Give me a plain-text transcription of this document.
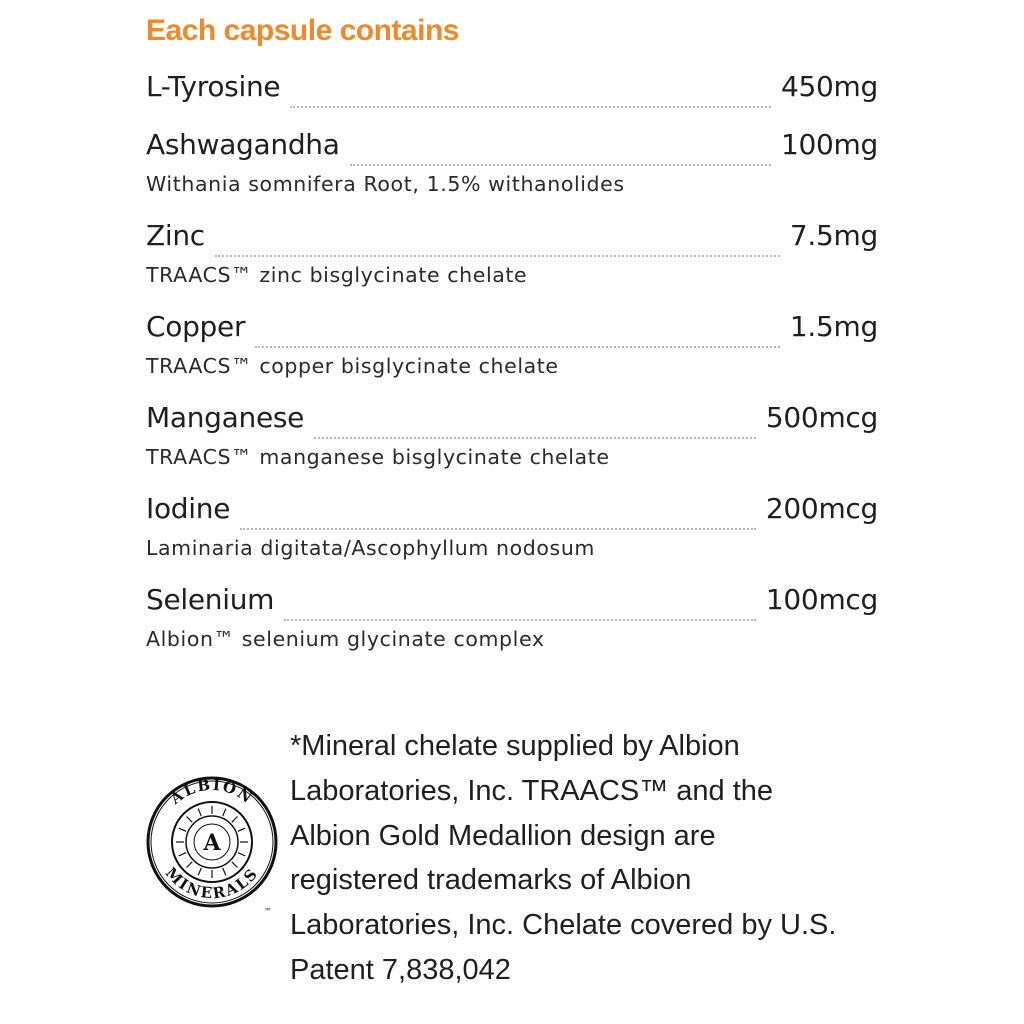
Each capsule contains
L-Tyrosine	450mg
Ashwagandha	100mg
Withania somnifera Root, 1.5% withanolides
Zinc	7.5mg
TRAACS™ zinc bisglycinate chelate
Copper	1.5mg
TRAACS™ copper bisglycinate chelate
Manganese	500mcg
TRAACS™ manganese bisglycinate chelate
Iodine	200mcg
Laminaria digitata/Ascophyllum nodosum
Selenium	100mcg
Albion™ selenium glycinate complex
A
ALBION
MINERALS
™
*Mineral chelate supplied by Albion
Laboratories, Inc. TRAACS™ and the
Albion Gold Medallion design are
registered trademarks of Albion
Laboratories, Inc. Chelate covered by U.S.
Patent 7,838,042
